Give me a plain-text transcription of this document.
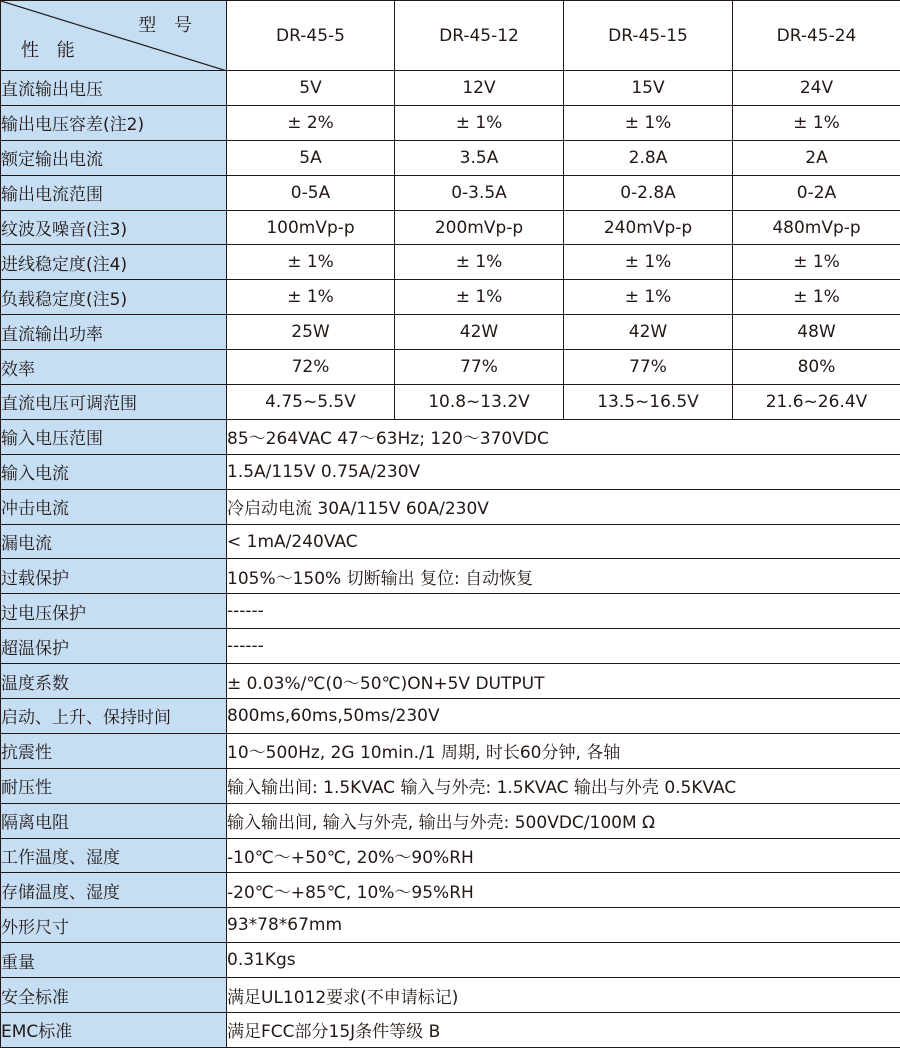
型 号
性 能	DR-45-5	DR-45-12	DR-45-15	DR-45-24
直流输出电压	5V	12V	15V	24V
输出电压容差(注2)	± 2%	± 1%	± 1%	± 1%
额定输出电流	5A	3.5A	2.8A	2A
输出电流范围	0-5A	0-3.5A	0-2.8A	0-2A
纹波及噪音(注3)	100mVp-p	200mVp-p	240mVp-p	480mVp-p
进线稳定度(注4)	± 1%	± 1%	± 1%	± 1%
负载稳定度(注5)	± 1%	± 1%	± 1%	± 1%
直流输出功率	25W	42W	42W	48W
效率	72%	77%	77%	80%
直流电压可调范围	4.75~5.5V	10.8~13.2V	13.5~16.5V	21.6~26.4V
输入电压范围	85～264VAC 47～63Hz; 120～370VDC			
输入电流	1.5A/115V 0.75A/230V			
冲击电流	冷启动电流 30A/115V 60A/230V			
漏电流	< 1mA/240VAC			
过载保护	105%～150% 切断输出 复位: 自动恢复			
过电压保护	------			
超温保护	------			
温度系数	± 0.03%/℃(0～50℃)ON+5V DUTPUT			
启动、上升、保持时间	800ms,60ms,50ms/230V			
抗震性	10～500Hz, 2G 10min./1 周期, 时长60分钟, 各轴			
耐压性	输入输出间: 1.5KVAC 输入与外壳: 1.5KVAC 输出与外壳 0.5KVAC			
隔离电阻	输入输出间, 输入与外壳, 输出与外壳: 500VDC/100M Ω			
工作温度、湿度	-10℃～+50℃, 20%～90%RH			
存储温度、湿度	-20℃～+85℃, 10%～95%RH			
外形尺寸	93*78*67mm			
重量	0.31Kgs			
安全标准	满足UL1012要求(不申请标记)			
EMC标准	满足FCC部分15J条件等级 B			
